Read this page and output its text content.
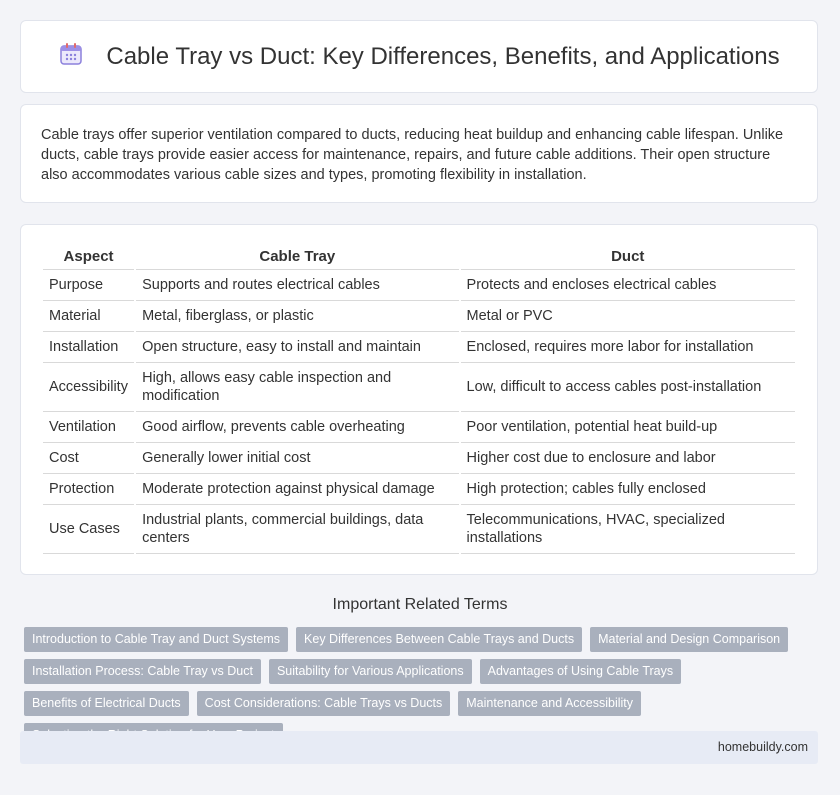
Cable Tray vs Duct: Key Differences, Benefits, and Applications

Cable trays offer superior ventilation compared to ducts, reducing heat buildup and enhancing cable lifespan. Unlike ducts, cable trays provide easier access for maintenance, repairs, and future cable additions. Their open structure also accommodates various cable sizes and types, promoting flexibility in installation.

Aspect	Cable Tray	Duct
Purpose	Supports and routes electrical cables	Protects and encloses electrical cables
Material	Metal, fiberglass, or plastic	Metal or PVC
Installation	Open structure, easy to install and maintain	Enclosed, requires more labor for installation
Accessibility	High, allows easy cable inspection and modification	Low, difficult to access cables post-installation
Ventilation	Good airflow, prevents cable overheating	Poor ventilation, potential heat build-up
Cost	Generally lower initial cost	Higher cost due to enclosure and labor
Protection	Moderate protection against physical damage	High protection; cables fully enclosed
Use Cases	Industrial plants, commercial buildings, data centers	Telecommunications, HVAC, specialized installations
Important Related Terms
Introduction to Cable Tray and Duct Systems	Key Differences Between Cable Trays and Ducts	Material and Design Comparison
Installation Process: Cable Tray vs Duct	Suitability for Various Applications	Advantages of Using Cable Trays
Benefits of Electrical Ducts	Cost Considerations: Cable Trays vs Ducts	Maintenance and Accessibility
homebuildy.com
